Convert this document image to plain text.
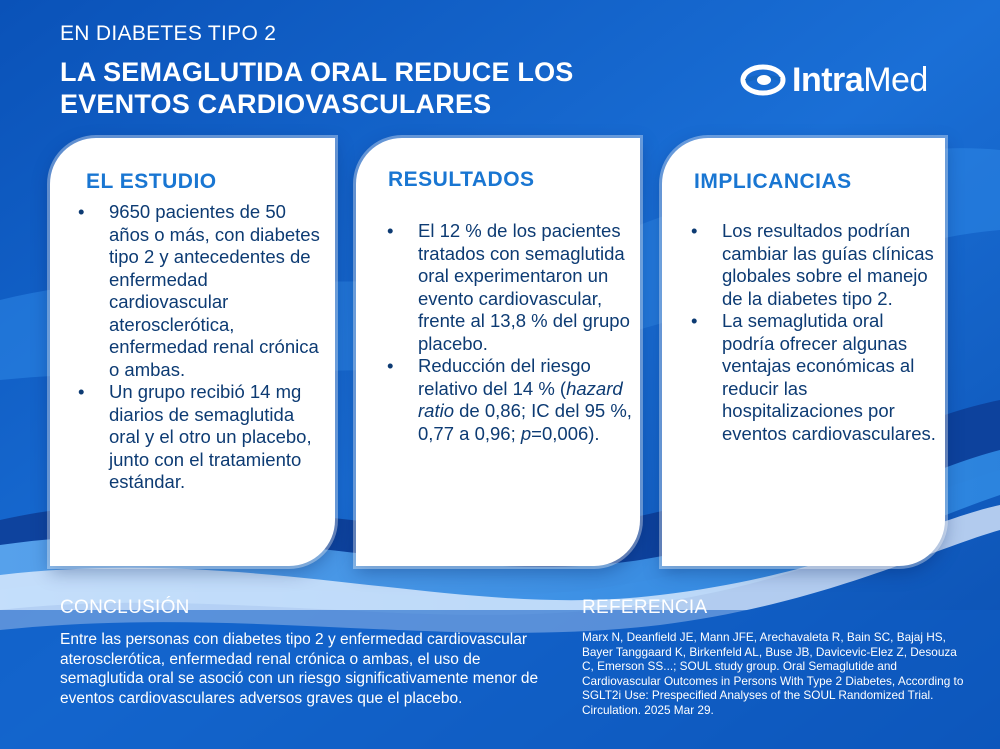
EN DIABETES TIPO 2
LA SEMAGLUTIDA ORAL REDUCE LOS EVENTOS CARDIOVASCULARES
IntraMed
EL ESTUDIO
• 9650 pacientes de 50 años o más, con diabetes tipo 2 y antecedentes de enfermedad cardiovascular aterosclerótica, enfermedad renal crónica o ambas.
• Un grupo recibió 14 mg diarios de semaglutida oral y el otro un placebo, junto con el tratamiento estándar.
RESULTADOS
• El 12 % de los pacientes tratados con semaglutida oral experimentaron un evento cardiovascular, frente al 13,8 % del grupo placebo.
• Reducción del riesgo relativo del 14 % (hazard ratio de 0,86; IC del 95 %, 0,77 a 0,96; p=0,006).
IMPLICANCIAS
• Los resultados podrían cambiar las guías clínicas globales sobre el manejo de la diabetes tipo 2.
• La semaglutida oral podría ofrecer algunas ventajas económicas al reducir las hospitalizaciones por eventos cardiovasculares.
CONCLUSIÓN
Entre las personas con diabetes tipo 2 y enfermedad cardiovascular aterosclerótica, enfermedad renal crónica o ambas, el uso de semaglutida oral se asoció con un riesgo significativamente menor de eventos cardiovasculares adversos graves que el placebo.
REFERENCIA
Marx N, Deanfield JE, Mann JFE, Arechavaleta R, Bain SC, Bajaj HS, Bayer Tanggaard K, Birkenfeld AL, Buse JB, Davicevic-Elez Z, Desouza C, Emerson SS...; SOUL study group. Oral Semaglutide and Cardiovascular Outcomes in Persons With Type 2 Diabetes, According to SGLT2i Use: Prespecified Analyses of the SOUL Randomized Trial. Circulation. 2025 Mar 29.
